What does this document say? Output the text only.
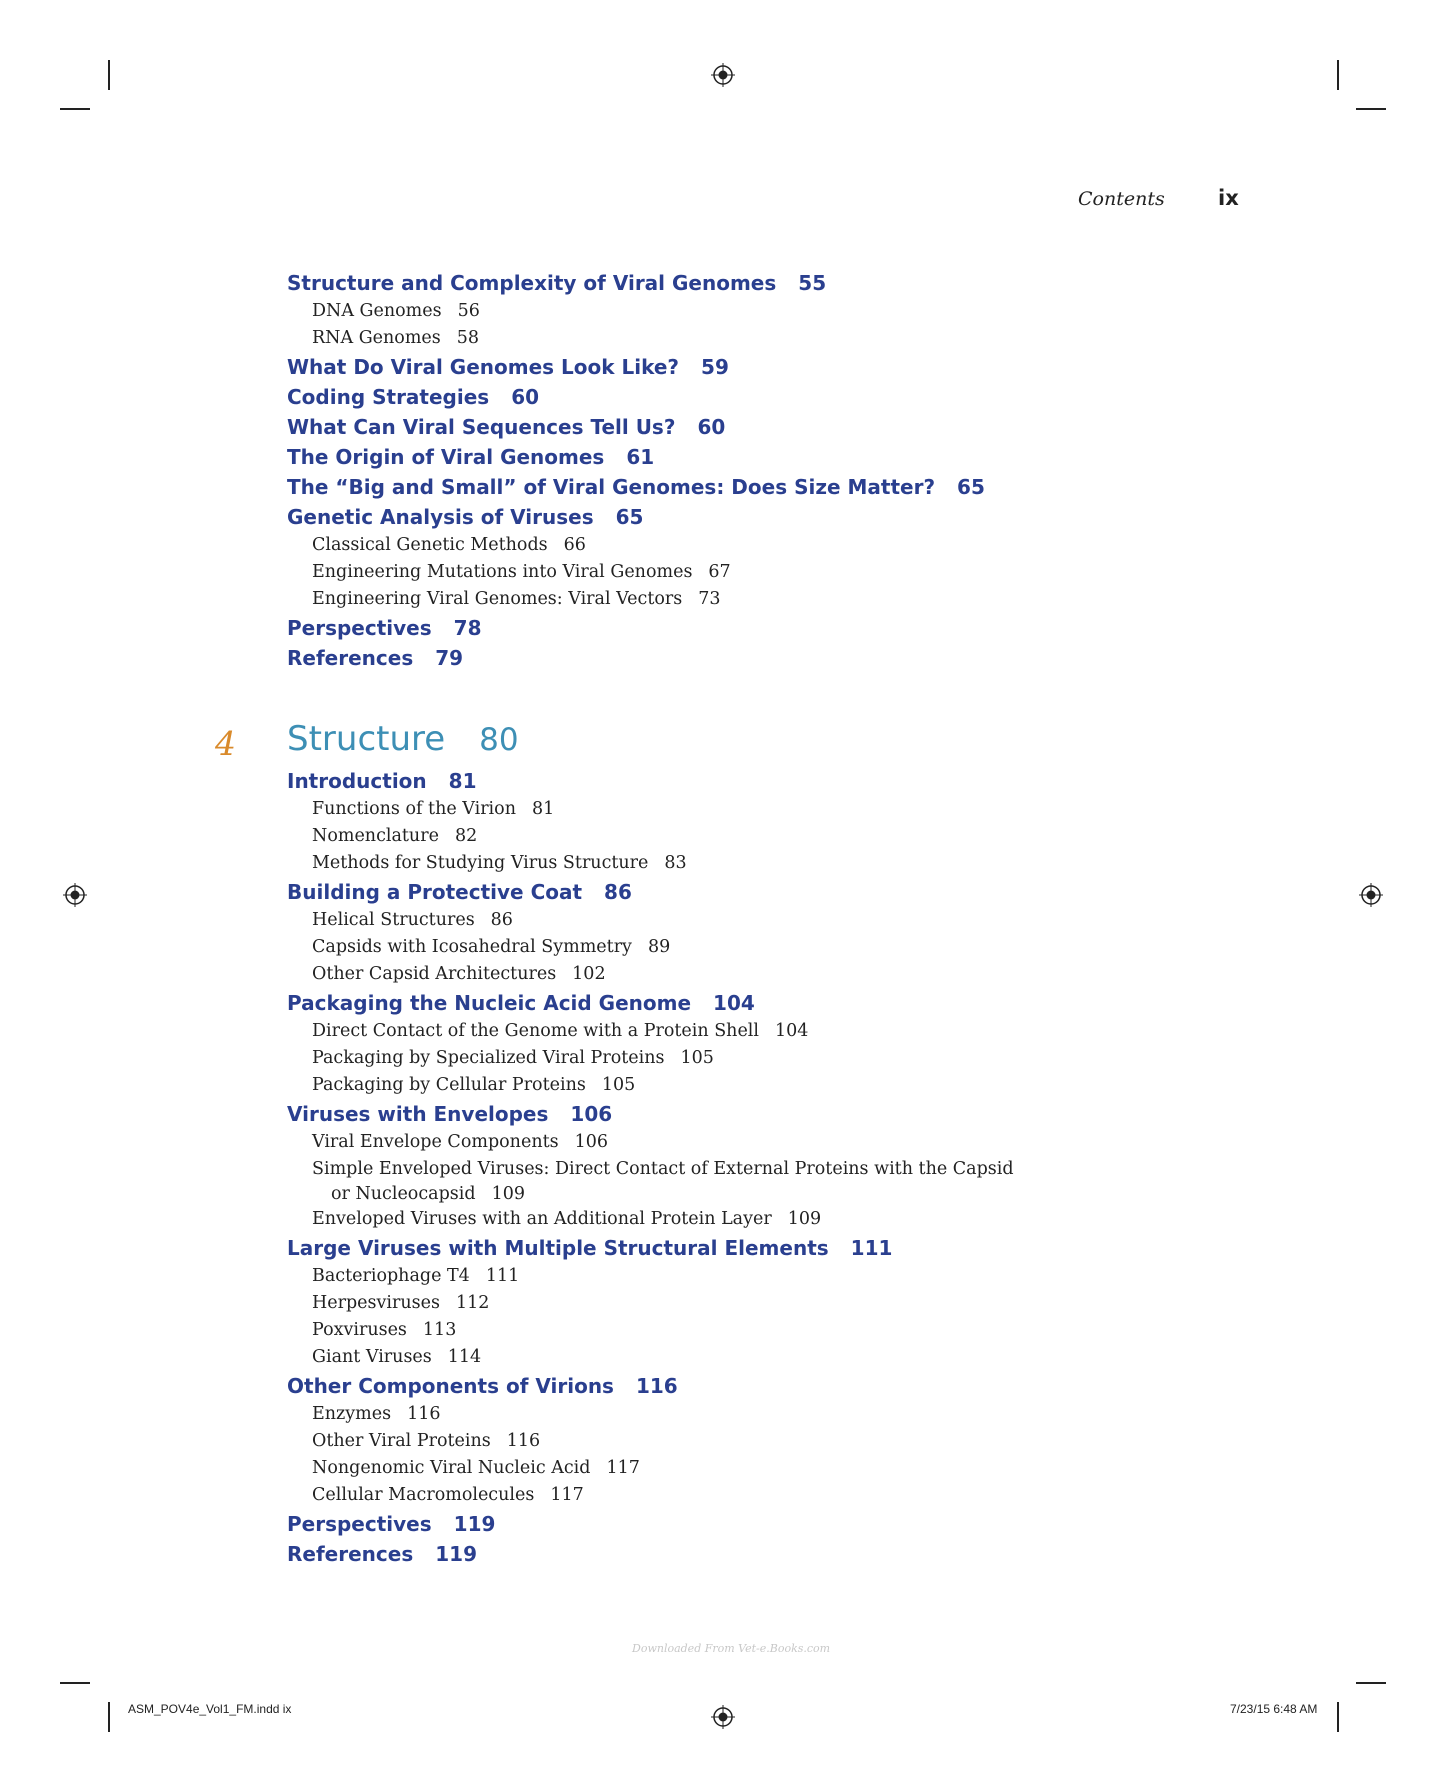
Contents	ix
Structure and Complexity of Viral Genomes 55
DNA Genomes 56
RNA Genomes 58
What Do Viral Genomes Look Like? 59
Coding Strategies 60
What Can Viral Sequences Tell Us? 60
The Origin of Viral Genomes 61
The “Big and Small” of Viral Genomes: Does Size Matter? 65
Genetic Analysis of Viruses 65
Classical Genetic Methods 66
Engineering Mutations into Viral Genomes 67
Engineering Viral Genomes: Viral Vectors 73
Perspectives 78
References 79
4 Structure 80
Introduction 81
Functions of the Virion 81
Nomenclature 82
Methods for Studying Virus Structure 83
Building a Protective Coat 86
Helical Structures 86
Capsids with Icosahedral Symmetry 89
Other Capsid Architectures 102
Packaging the Nucleic Acid Genome 104
Direct Contact of the Genome with a Protein Shell 104
Packaging by Specialized Viral Proteins 105
Packaging by Cellular Proteins 105
Viruses with Envelopes 106
Viral Envelope Components 106
Simple Enveloped Viruses: Direct Contact of External Proteins with the Capsid
or Nucleocapsid 109
Enveloped Viruses with an Additional Protein Layer 109
Large Viruses with Multiple Structural Elements 111
Bacteriophage T4 111
Herpesviruses 112
Poxviruses 113
Giant Viruses 114
Other Components of Virions 116
Enzymes 116
Other Viral Proteins 116
Nongenomic Viral Nucleic Acid 117
Cellular Macromolecules 117
Perspectives 119
References 119
Downloaded From Vet-e.Books.com
ASM_POV4e_Vol1_FM.indd ix	7/23/15 6:48 AM
